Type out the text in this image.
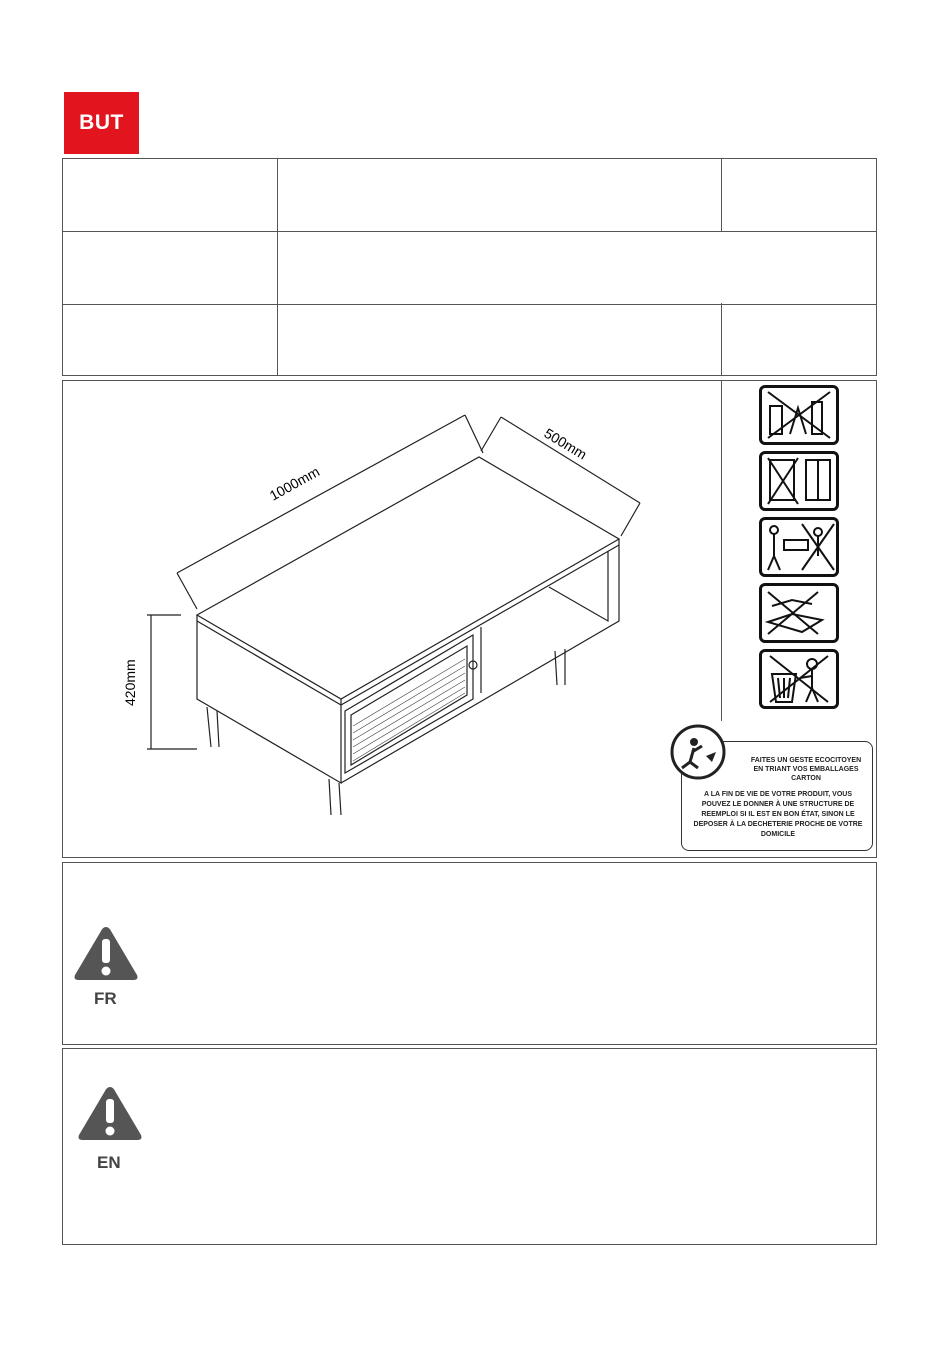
BUT
1000mm
500mm
420mm
FAITES UN GESTE ECOCITOYEN
EN TRIANT VOS EMBALLAGES CARTON
A LA FIN DE VIE DE VOTRE PRODUIT, VOUS POUVEZ LE DONNER À UNE STRUCTURE DE REEMPLOI SI IL EST EN BON ÉTAT, SINON LE DEPOSER À LA DECHETERIE PROCHE DE VOTRE DOMICILE
FR
EN
